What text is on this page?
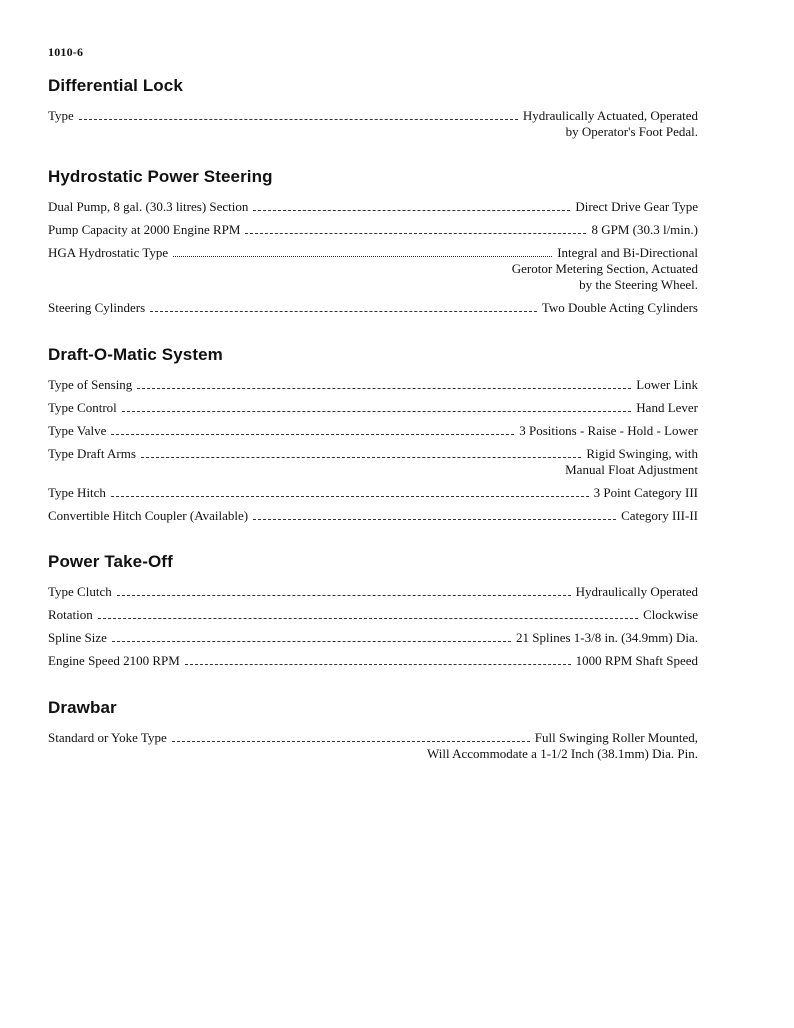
1010-6
Differential Lock
Type	Hydraulically Actuated, Operated
by Operator's Foot Pedal.
Hydrostatic Power Steering
Dual Pump, 8 gal. (30.3 litres) Section	Direct Drive Gear Type
Pump Capacity at 2000 Engine RPM	8 GPM (30.3 l/min.)
HGA Hydrostatic Type	Integral and Bi-Directional
Gerotor Metering Section, Actuated
by the Steering Wheel.
Steering Cylinders	Two Double Acting Cylinders
Draft-O-Matic System
Type of Sensing	Lower Link
Type Control	Hand Lever
Type Valve	3 Positions - Raise - Hold - Lower
Type Draft Arms	Rigid Swinging, with
Manual Float Adjustment
Type Hitch	3 Point Category III
Convertible Hitch Coupler (Available)	Category III-II
Power Take-Off
Type Clutch	Hydraulically Operated
Rotation	Clockwise
Spline Size	21 Splines 1-3/8 in. (34.9mm) Dia.
Engine Speed 2100 RPM	1000 RPM Shaft Speed
Drawbar
Standard or Yoke Type	Full Swinging Roller Mounted,
Will Accommodate a 1-1/2 Inch (38.1mm) Dia. Pin.
